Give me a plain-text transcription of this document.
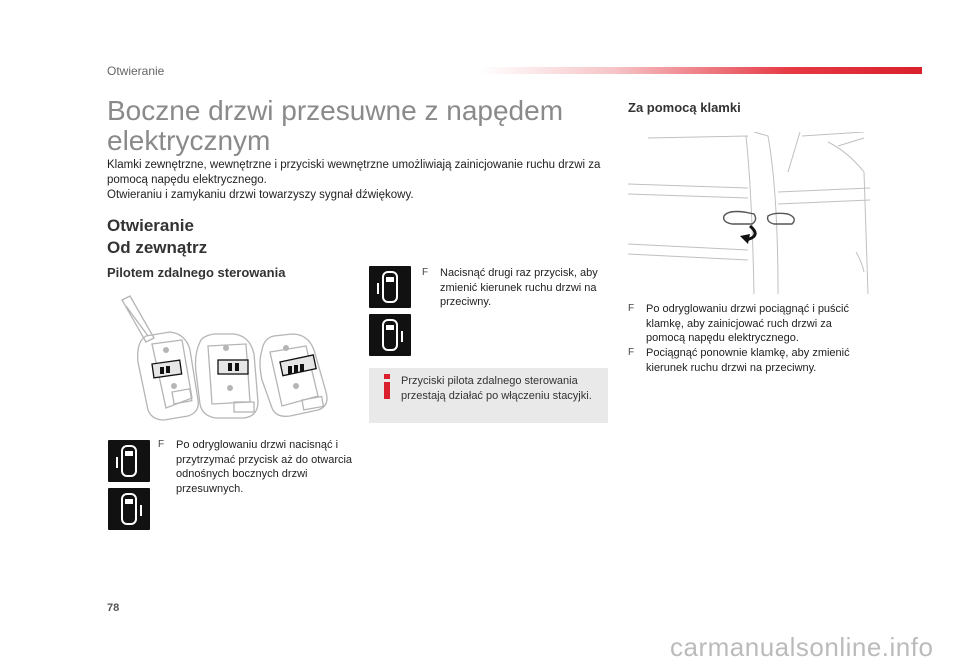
Otwieranie
Boczne drzwi przesuwne z napędem
elektrycznym

Klamki zewnętrzne, wewnętrzne i przyciski wewnętrzne umożliwiają zainicjowanie ruchu drzwi za pomocą napędu elektrycznego.

Otwieraniu i zamykaniu drzwi towarzyszy sygnał dźwiękowy.

Otwieranie
Od zewnątrz
Pilotem zdalnego sterowania
Za pomocą klamki
F	Po odryglowaniu drzwi nacisnąć i przytrzymać przycisk aż do otwarcia odnośnych bocznych drzwi przesuwnych.
F	Nacisnąć drugi raz przycisk, aby zmienić kierunek ruchu drzwi na przeciwny.
Przyciski pilota zdalnego sterowania przestają działać po włączeniu stacyjki.
F	Po odryglowaniu drzwi pociągnąć i puścić klamkę, aby zainicjować ruch drzwi za pomocą napędu elektrycznego.
F	Pociągnąć ponownie klamkę, aby zmienić kierunek ruchu drzwi na przeciwny.
78
carmanualsonline.info
